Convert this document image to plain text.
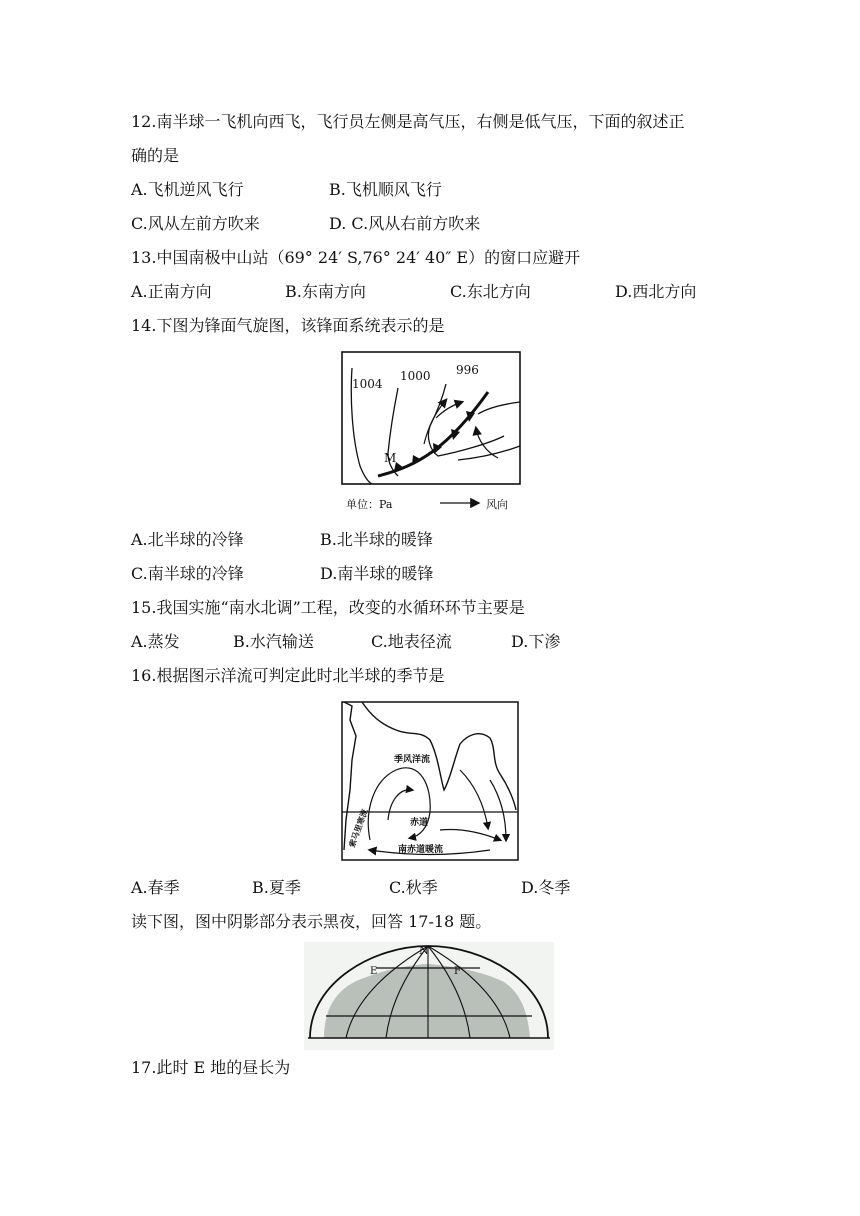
12.南半球一飞机向西飞，飞行员左侧是高气压，右侧是低气压，下面的叙述正
确的是
A.飞机逆风飞行	B.飞机顺风飞行
C.风从左前方吹来	D. C.风从右前方吹来
13.中国南极中山站（69° 24′ S,76° 24′ 40″ E）的窗口应避开
A.正南方向	B.东南方向	C.东北方向	D.西北方向
14.下图为锋面气旋图，该锋面系统表示的是
1004
1000 996
M
单位：Pa	风向
A.北半球的冷锋	B.北半球的暖锋
C.南半球的冷锋	D.南半球的暖锋
15.我国实施“南水北调”工程，改变的水循环环节主要是
A.蒸发	B.水汽输送	C.地表径流	D.下渗
16.根据图示洋流可判定此时北半球的季节是
季风洋流
索马里寒流	赤道
南赤道暖流
A.春季	B.夏季	C.秋季	D.冬季
读下图，图中阴影部分表示黑夜，回答 17-18 题。
N
E	F
17.此时 E 地的昼长为
